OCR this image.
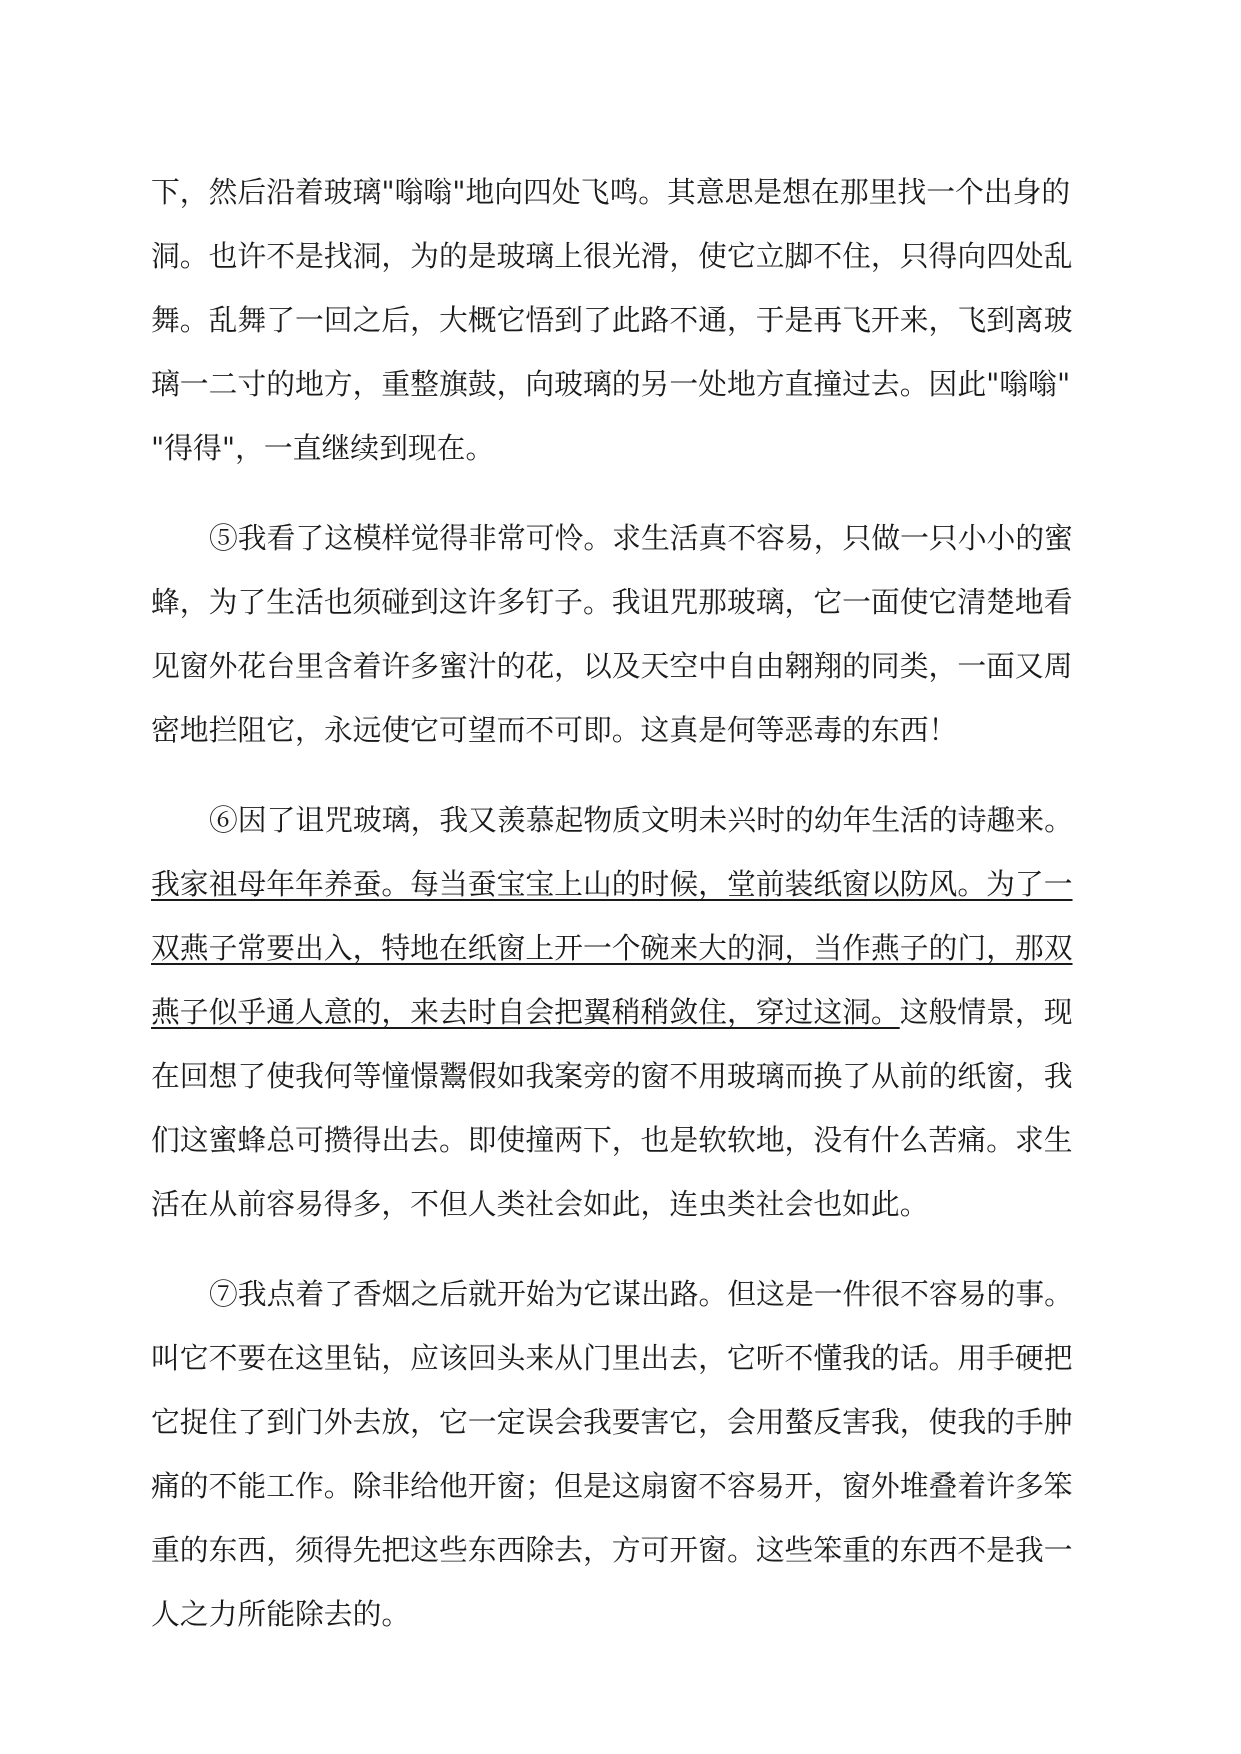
下，然后沿着玻璃"嗡嗡"地向四处飞鸣。其意思是想在那里找一个出身的
洞。也许不是找洞，为的是玻璃上很光滑，使它立脚不住，只得向四处乱
舞。乱舞了一回之后，大概它悟到了此路不通，于是再飞开来，飞到离玻
璃一二寸的地方，重整旗鼓，向玻璃的另一处地方直撞过去。因此"嗡嗡"
"得得"，一直继续到现在。
⑤我看了这模样觉得非常可怜。求生活真不容易，只做一只小小的蜜
蜂，为了生活也须碰到这许多钉子。我诅咒那玻璃，它一面使它清楚地看
见窗外花台里含着许多蜜汁的花，以及天空中自由翱翔的同类，一面又周
密地拦阻它，永远使它可望而不可即。这真是何等恶毒的东西！
⑥因了诅咒玻璃，我又羡慕起物质文明未兴时的幼年生活的诗趣来。
我家祖母年年养蚕。每当蚕宝宝上山的时候，堂前装纸窗以防风。为了一
双燕子常要出入，特地在纸窗上开一个碗来大的洞，当作燕子的门，那双
燕子似乎通人意的，来去时自会把翼稍稍敛住，穿过这洞。这般情景，现
在回想了使我何等憧憬鬻假如我案旁的窗不用玻璃而换了从前的纸窗，我
们这蜜蜂总可攒得出去。即使撞两下，也是软软地，没有什么苦痛。求生
活在从前容易得多，不但人类社会如此，连虫类社会也如此。
⑦我点着了香烟之后就开始为它谋出路。但这是一件很不容易的事。
叫它不要在这里钻，应该回头来从门里出去，它听不懂我的话。用手硬把
它捉住了到门外去放，它一定误会我要害它，会用螯反害我，使我的手肿
痛的不能工作。除非给他开窗；但是这扇窗不容易开，窗外堆叠着许多笨
重的东西，须得先把这些东西除去，方可开窗。这些笨重的东西不是我一
人之力所能除去的。
